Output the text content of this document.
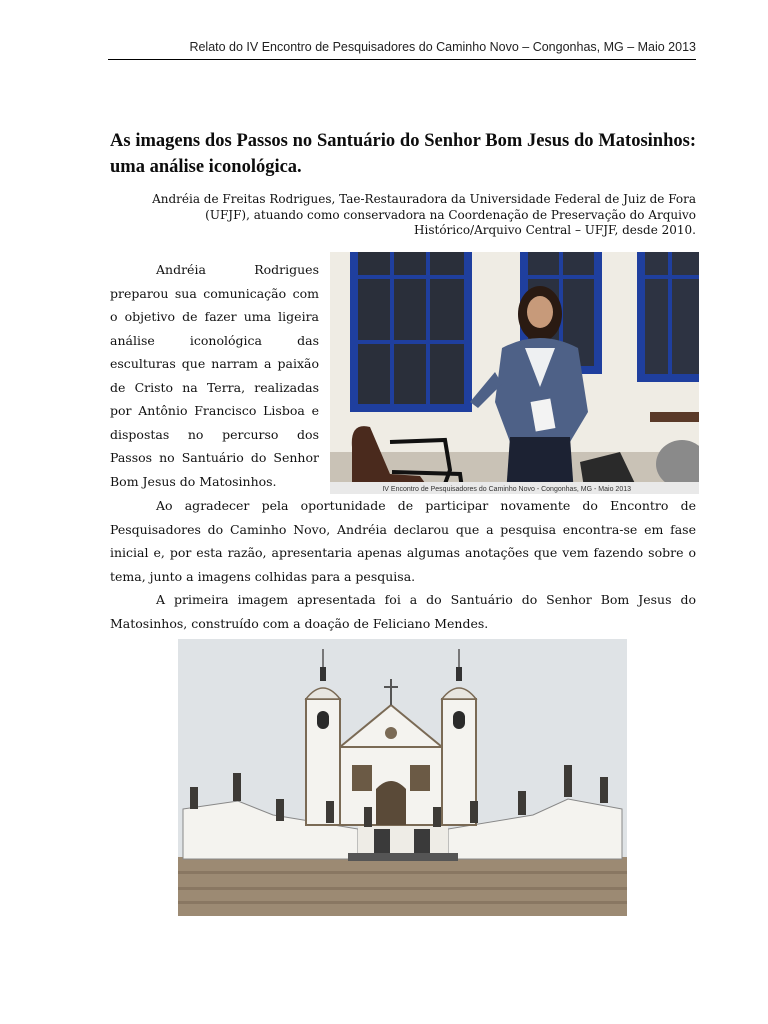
Relato do IV Encontro de Pesquisadores do Caminho Novo – Congonhas, MG – Maio 2013
As imagens dos Passos no Santuário do Senhor Bom Jesus do Matosinhos: uma análise iconológica.

Andréia de Freitas Rodrigues, Tae-Restauradora da Universidade Federal de Juiz de Fora (UFJF), atuando como conservadora na Coordenação de Preservação do Arquivo Histórico/Arquivo Central – UFJF, desde 2010.

Andréia Rodrigues preparou sua comunicação com o objetivo de fazer uma ligeira análise iconológica das esculturas que narram a paixão de Cristo na Terra, realizadas por Antônio Francisco Lisboa e dispostas no percurso dos Passos no Santuário do Senhor Bom Jesus do Matosinhos.

IV Encontro de Pesquisadores do Caminho Novo - Congonhas, MG - Maio 2013

Ao agradecer pela oportunidade de participar novamente do Encontro de Pesquisadores do Caminho Novo, Andréia declarou que a pesquisa encontra-se em fase inicial e, por esta razão, apresentaria apenas algumas anotações que vem fazendo sobre o tema, junto a imagens colhidas para a pesquisa.

A primeira imagem apresentada foi a do Santuário do Senhor Bom Jesus do Matosinhos, construído com a doação de Feliciano Mendes.
